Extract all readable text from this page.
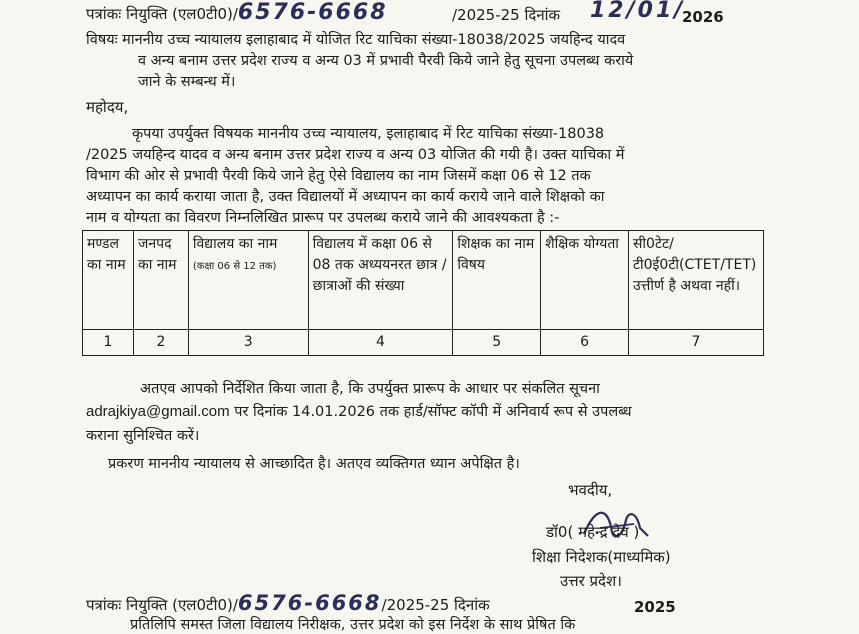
पत्रांकः नियुक्ति (एल0टी0)/6576-6668	/2025-25 दिनांक 12/01/
2026
विषयः माननीय उच्च न्यायालय इलाहाबाद में योजित रिट याचिका संख्या-18038/2025 जयहिन्द यादव
व अन्य बनाम उत्तर प्रदेश राज्य व अन्य 03 में प्रभावी पैरवी किये जाने हेतु सूचना उपलब्ध कराये
जाने के सम्बन्ध में।
महोदय,
कृपया उपर्युक्त विषयक माननीय उच्च न्यायालय, इलाहाबाद में रिट याचिका संख्या-18038
/2025 जयहिन्द यादव व अन्य बनाम उत्तर प्रदेश राज्य व अन्य 03 योजित की गयी है। उक्त याचिका में
विभाग की ओर से प्रभावी पैरवी किये जाने हेतु ऐसे विद्यालय का नाम जिसमें कक्षा 06 से 12 तक
अध्यापन का कार्य कराया जाता है, उक्त विद्यालयों में अध्यापन का कार्य कराये जाने वाले शिक्षको का
नाम व योग्यता का विवरण निम्नलिखित प्रारूप पर उपलब्ध कराये जाने की आवश्यकता है :-
मण्डल का नाम	जनपद का नाम	विद्यालय का नाम
(कक्षा 06 से 12 तक)	विद्यालय में कक्षा 06 से 08 तक अध्ययनरत छात्र / छात्राओं की संख्या	शिक्षक का नाम विषय	शैक्षिक योग्यता	सी0टेट/टी0ई0टी(CTET/TET) उत्तीर्ण है अथवा नहीं।
1	2	3	4	5	6	7
अतएव आपको निर्देशित किया जाता है, कि उपर्युक्त प्रारूप के आधार पर संकलित सूचना
adrajkiya@gmail.com पर दिनांक 14.01.2026 तक हार्ड/सॉफ्ट कॉपी में अनिवार्य रूप से उपलब्ध
कराना सुनिश्चित करें।
प्रकरण माननीय न्यायालय से आच्छादित है। अतएव व्यक्तिगत ध्यान अपेक्षित है।
भवदीय,
डॉ0( महेन्द्र देव )
शिक्षा निदेशक(माध्यमिक)
उत्तर प्रदेश।
पत्रांकः नियुक्ति (एल0टी0)/6576-6668/2025-25 दिनांक	2025
प्रतिलिपि समस्त जिला विद्यालय निरीक्षक, उत्तर प्रदेश को इस निर्देश के साथ प्रेषित कि
